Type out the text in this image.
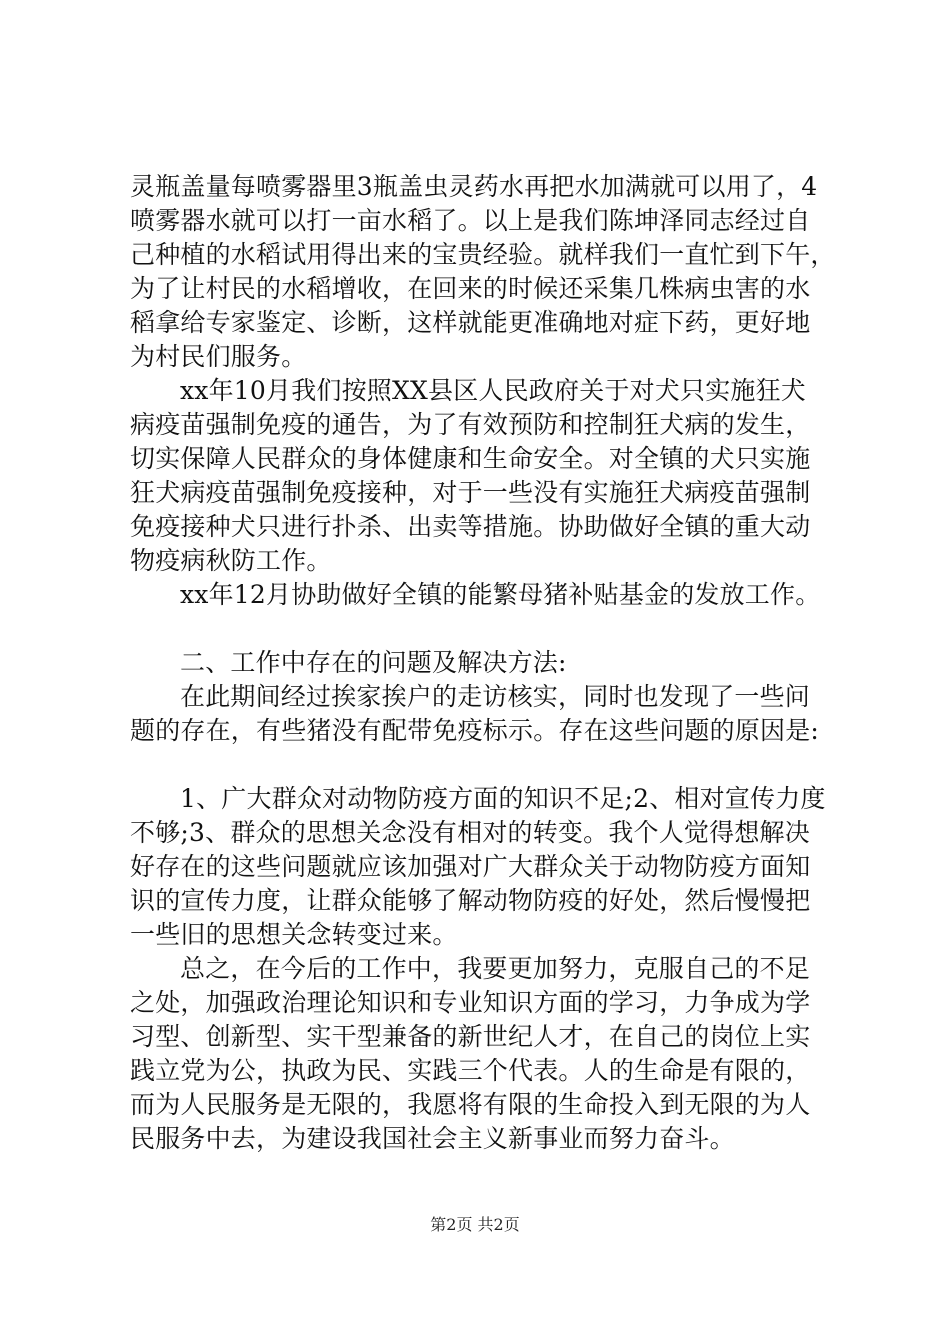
灵瓶盖量每喷雾器里3瓶盖虫灵药水再把水加满就可以用了，4
喷雾器水就可以打一亩水稻了。以上是我们陈坤泽同志经过自
己种植的水稻试用得出来的宝贵经验。就样我们一直忙到下午，
为了让村民的水稻增收，在回来的时候还采集几株病虫害的水
稻拿给专家鉴定、诊断，这样就能更准确地对症下药，更好地
为村民们服务。
xx年10月我们按照XX县区人民政府关于对犬只实施狂犬
病疫苗强制免疫的通告，为了有效预防和控制狂犬病的发生，
切实保障人民群众的身体健康和生命安全。对全镇的犬只实施
狂犬病疫苗强制免疫接种，对于一些没有实施狂犬病疫苗强制
免疫接种犬只进行扑杀、出卖等措施。协助做好全镇的重大动
物疫病秋防工作。
xx年12月协助做好全镇的能繁母猪补贴基金的发放工作。
二、工作中存在的问题及解决方法:
在此期间经过挨家挨户的走访核实，同时也发现了一些问
题的存在，有些猪没有配带免疫标示。存在这些问题的原因是:
1、广大群众对动物防疫方面的知识不足;2、相对宣传力度
不够;3、群众的思想关念没有相对的转变。我个人觉得想解决
好存在的这些问题就应该加强对广大群众关于动物防疫方面知
识的宣传力度，让群众能够了解动物防疫的好处，然后慢慢把
一些旧的思想关念转变过来。
总之，在今后的工作中，我要更加努力，克服自己的不足
之处，加强政治理论知识和专业知识方面的学习，力争成为学
习型、创新型、实干型兼备的新世纪人才，在自己的岗位上实
践立党为公，执政为民、实践三个代表。人的生命是有限的，
而为人民服务是无限的，我愿将有限的生命投入到无限的为人
民服务中去，为建设我国社会主义新事业而努力奋斗。
第2页 共2页
